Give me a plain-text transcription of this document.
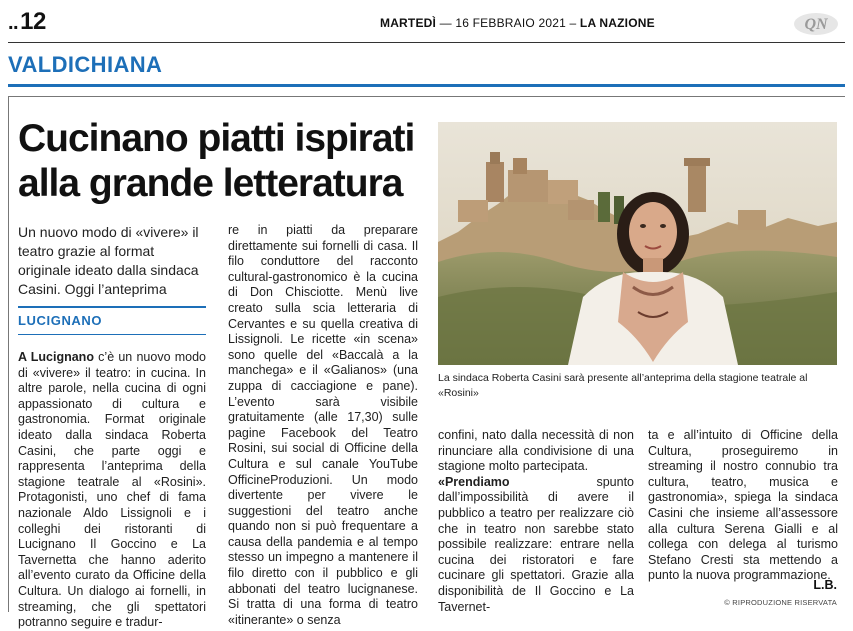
..12	MARTEDÌ — 16 FEBBRAIO 2021 – LA NAZIONE	QN
VALDICHIANA
Cucinano piatti ispirati alla grande letteratura

Un nuovo modo di «vivere» il teatro grazie al format originale ideato dalla sindaca Casini. Oggi l’anteprima

LUCIGNANO

A Lucignano c’è un nuovo modo di «vivere» il teatro: in cucina. In altre parole, nella cucina di ogni appassionato di cultura e gastronomia. Format originale ideato dalla sindaca Roberta Casini, che parte oggi e rappresenta l’anteprima della stagione teatrale al «Rosini». Protagonisti, uno chef di fama nazionale Aldo Lissignoli e i colleghi dei ristoranti di Lucignano Il Goccino e La Tavernetta che hanno aderito all’evento curato da Officine della Cultura. Un dialogo ai fornelli, in streaming, che gli spettatori potranno seguire e tradur-

re in piatti da preparare direttamente sui fornelli di casa. Il filo conduttore del racconto cultural-gastronomico è la cucina di Don Chisciotte. Menù live creato sulla scia letteraria di Cervantes e su quella creativa di Lissignoli. Le ricette «in scena» sono quelle del «Baccalà a la manchega» e il «Galianos» (una zuppa di cacciagione e pane). L’evento sarà visibile gratuitamente (alle 17,30) sulle pagine Facebook del Teatro Rosini, sui social di Officine della Cultura e sul canale YouTube OfficineProduzioni. Un modo divertente per vivere le suggestioni del teatro anche quando non si può frequentare a causa della pandemia e al tempo stesso un impegno a mantenere il filo diretto con il pubblico e gli abbonati del teatro lucignanese. Si tratta di una forma di teatro «itinerante» o senza

La sindaca Roberta Casini sarà presente all’anteprima della stagione teatrale al «Rosini»

confini, nato dalla necessità di non rinunciare alla condivisione di una stagione molto partecipata.

«Prendiamo spunto dall’impossibilità di avere il pubblico a teatro per realizzare ciò che in teatro non sarebbe stato possibile realizzare: entrare nella cucina dei ristoratori e fare cucinare gli spettatori. Grazie alla disponibilità de Il Goccino e La Tavernet-

ta e all’intuito di Officine della Cultura, proseguiremo in streaming il nostro connubio tra cultura, teatro, musica e gastronomia», spiega la sindaca Casini che insieme all’assessore alla cultura Serena Gialli e al collega con delega al turismo Stefano Cresti sta mettendo a punto la nuova programmazione.

L.B.
© RIPRODUZIONE RISERVATA
